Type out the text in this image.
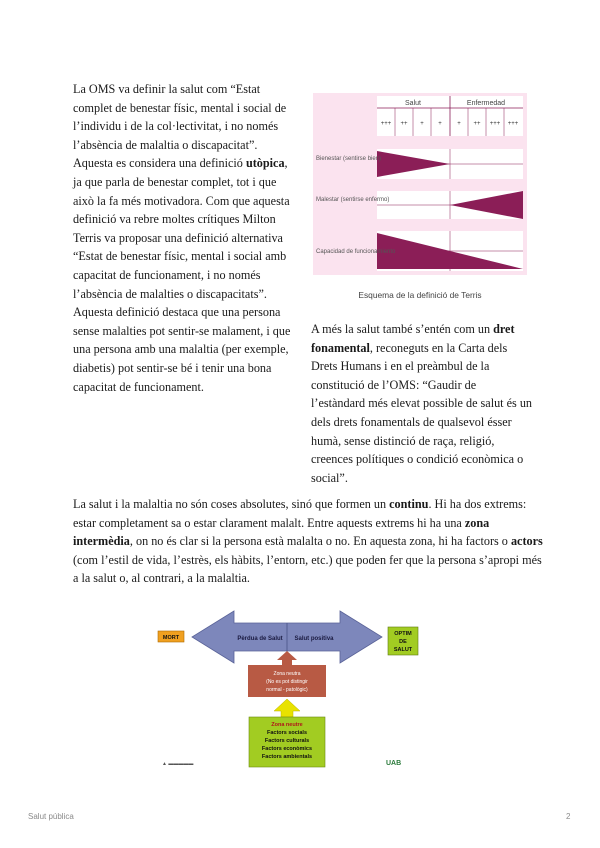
La OMS va definir la salut com “Estat complet de benestar físic, mental i social de l’individu i de la col·lectivitat, i no només l’absència de malaltia o discapacitat”. Aquesta es considera una definició utòpica, ja que parla de benestar complet, tot i que això la fa més motivadora. Com que aquesta definició va rebre moltes crítiques Milton Terris va proposar una definició alternativa “Estat de benestar físic, mental i social amb capacitat de funcionament, i no només l’absència de malalties o discapacitats”. Aquesta definició destaca que una persona sense malalties pot sentir-se malament, i que una persona amb una malaltia (per exemple, diabetis) pot sentir-se bé i tenir una bona capacitat de funcionament.
Salut	Enfermedad
+++ ++ + +	+ ++ +++ +++
Bienestar (sentirse bien)
Malestar (sentirse enfermo)
Capacidad de funcionamiento
Esquema de la definició de Terris
A més la salut també s’entén com un dret fonamental, reconeguts en la Carta dels Drets Humans i en el preàmbul de la constitució de l’OMS: “Gaudir de l’estàndard més elevat possible de salut és un dels drets fonamentals de qualsevol ésser humà, sense distinció de raça, religió, creences polítiques o condició econòmica o social”.
La salut i la malaltia no són coses absolutes, sinó que formen un continu. Hi ha dos extrems: estar completament sa o estar clarament malalt. Entre aquests extrems hi ha una zona intermèdia, on no és clar si la persona està malalta o no. En aquesta zona, hi ha factors o actors (com l’estil de vida, l’estrès, els hàbits, l’entorn, etc.) que poden fer que la persona s’apropi més a la salut o, al contrari, a la malaltia.
Pèrdua de Salut Salut positiva
MORT
OPTIM
DE
SALUT
Zona neutra
(No es pot distingir
normal - patològic)
Zona neutre
Factors socials
Factors culturals
Factors econòmics
Factors ambientals
▲ ▬▬▬▬▬	UAB
Salut pública	2
